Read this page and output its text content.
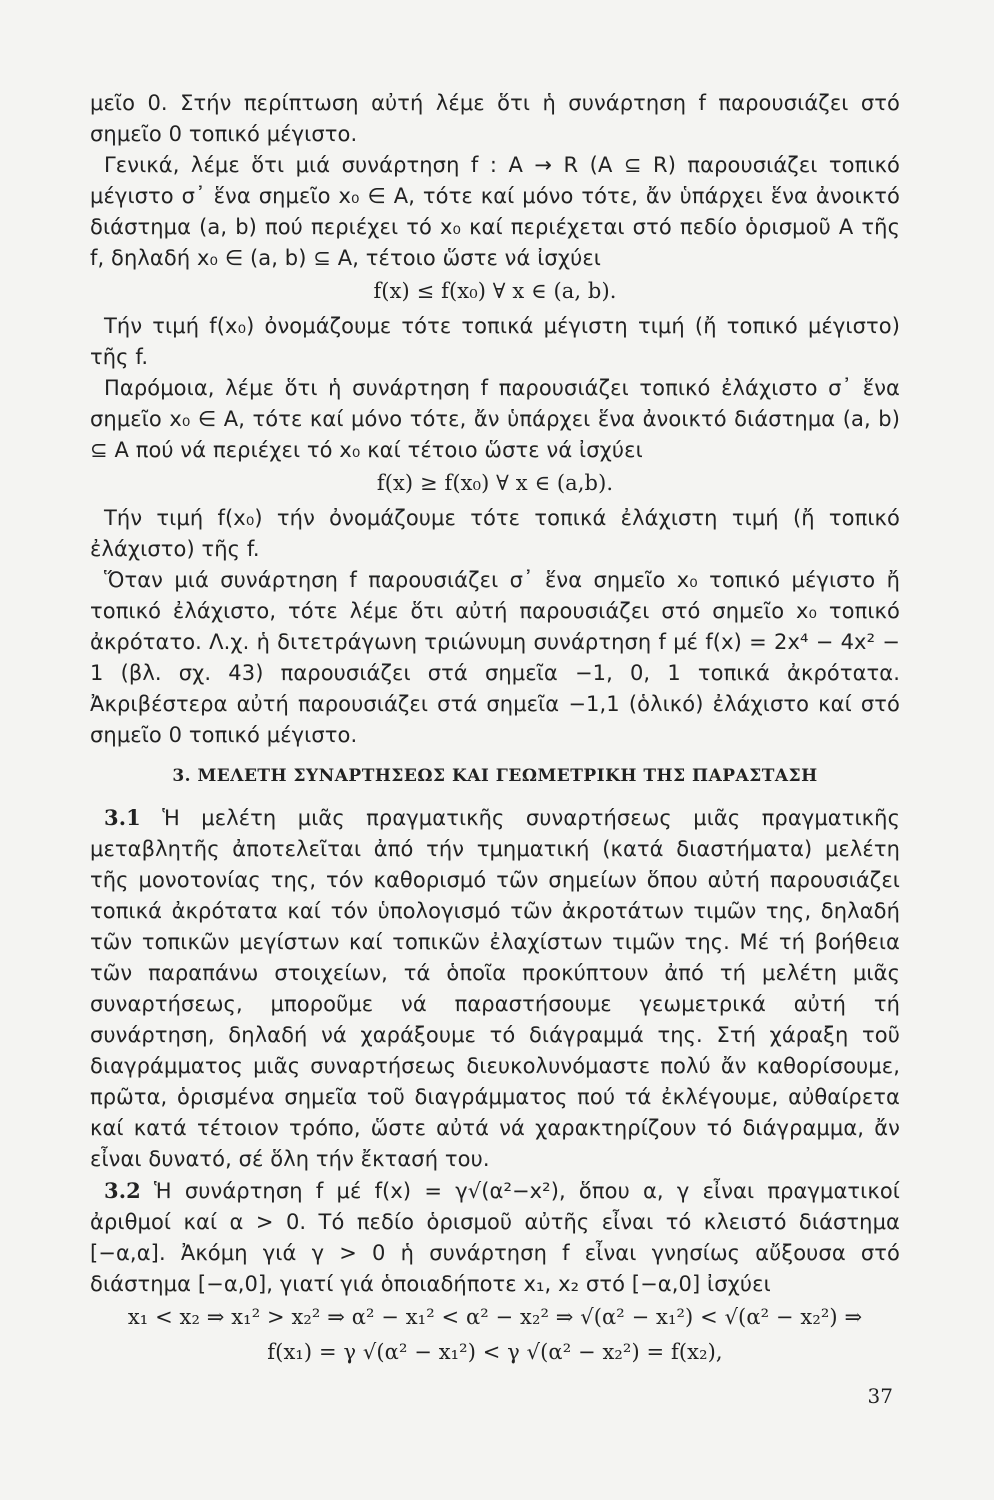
μεῖο 0. Στήν περίπτωση αὐτή λέμε ὅτι ἡ συνάρτηση f παρουσιάζει στό σημεῖο 0 τοπικό μέγιστο.

Γενικά, λέμε ὅτι μιά συνάρτηση f : A → R (A ⊆ R) παρουσιάζει τοπικό μέγιστο σ᾽ ἕνα σημεῖο x₀ ∈ A, τότε καί μόνο τότε, ἄν ὑπάρχει ἕνα ἀνοικτό διάστημα (a, b) πού περιέχει τό x₀ καί περιέχεται στό πεδίο ὁρισμοῦ A τῆς f, δηλαδή x₀ ∈ (a, b) ⊆ A, τέτοιο ὥστε νά ἰσχύει

f(x) ≤ f(x₀) ∀ x ∈ (a, b).

Τήν τιμή f(x₀) ὀνομάζουμε τότε τοπικά μέγιστη τιμή (ἤ τοπικό μέγιστο) τῆς f.

Παρόμοια, λέμε ὅτι ἡ συνάρτηση f παρουσιάζει τοπικό ἐλάχιστο σ᾽ ἕνα σημεῖο x₀ ∈ A, τότε καί μόνο τότε, ἄν ὑπάρχει ἕνα ἀνοικτό διάστημα (a, b) ⊆ A πού νά περιέχει τό x₀ καί τέτοιο ὥστε νά ἰσχύει

f(x) ≥ f(x₀) ∀ x ∈ (a,b).

Τήν τιμή f(x₀) τήν ὀνομάζουμε τότε τοπικά ἐλάχιστη τιμή (ἤ τοπικό ἐλάχιστο) τῆς f.

Ὅταν μιά συνάρτηση f παρουσιάζει σ᾽ ἕνα σημεῖο x₀ τοπικό μέγιστο ἤ τοπικό ἐλάχιστο, τότε λέμε ὅτι αὐτή παρουσιάζει στό σημεῖο x₀ τοπικό ἀκρότατο. Λ.χ. ἡ διτετράγωνη τριώνυμη συνάρτηση f μέ f(x) = 2x⁴ − 4x² − 1 (βλ. σχ. 43) παρουσιάζει στά σημεῖα −1, 0, 1 τοπικά ἀκρότατα. Ἀκριβέστερα αὐτή παρουσιάζει στά σημεῖα −1,1 (ὁλικό) ἐλάχιστο καί στό σημεῖο 0 τοπικό μέγιστο.

3. ΜΕΛΕΤΗ ΣΥΝΑΡΤΗΣΕΩΣ ΚΑΙ ΓΕΩΜΕΤΡΙΚΗ ΤΗΣ ΠΑΡΑΣΤΑΣΗ

3.1 Ἡ μελέτη μιᾶς πραγματικῆς συναρτήσεως μιᾶς πραγματικῆς μεταβλητῆς ἀποτελεῖται ἀπό τήν τμηματική (κατά διαστήματα) μελέτη τῆς μονοτονίας της, τόν καθορισμό τῶν σημείων ὅπου αὐτή παρουσιάζει τοπικά ἀκρότατα καί τόν ὑπολογισμό τῶν ἀκροτάτων τιμῶν της, δηλαδή τῶν τοπικῶν μεγίστων καί τοπικῶν ἐλαχίστων τιμῶν της. Μέ τή βοήθεια τῶν παραπάνω στοιχείων, τά ὁποῖα προκύπτουν ἀπό τή μελέτη μιᾶς συναρτήσεως, μποροῦμε νά παραστήσουμε γεωμετρικά αὐτή τή συνάρτηση, δηλαδή νά χαράξουμε τό διάγραμμά της. Στή χάραξη τοῦ διαγράμματος μιᾶς συναρτήσεως διευκολυνόμαστε πολύ ἄν καθορίσουμε, πρῶτα, ὁρισμένα σημεῖα τοῦ διαγράμματος πού τά ἐκλέγουμε, αὐθαίρετα καί κατά τέτοιον τρόπο, ὥστε αὐτά νά χαρακτηρίζουν τό διάγραμμα, ἄν εἶναι δυνατό, σέ ὅλη τήν ἔκτασή του.

3.2 Ἡ συνάρτηση f μέ f(x) = γ√(α²−x²), ὅπου α, γ εἶναι πραγματικοί ἀριθμοί καί α > 0. Τό πεδίο ὁρισμοῦ αὐτῆς εἶναι τό κλειστό διάστημα [−α,α]. Ἀκόμη γιά γ > 0 ἡ συνάρτηση f εἶναι γνησίως αὔξουσα στό διάστημα [−α,0], γιατί γιά ὁποιαδήποτε x₁, x₂ στό [−α,0] ἰσχύει

x₁ < x₂ ⇒ x₁² > x₂² ⇒ α² − x₁² < α² − x₂² ⇒ √(α² − x₁²) < √(α² − x₂²) ⇒

f(x₁) = γ √(α² − x₁²) < γ √(α² − x₂²) = f(x₂),

37
